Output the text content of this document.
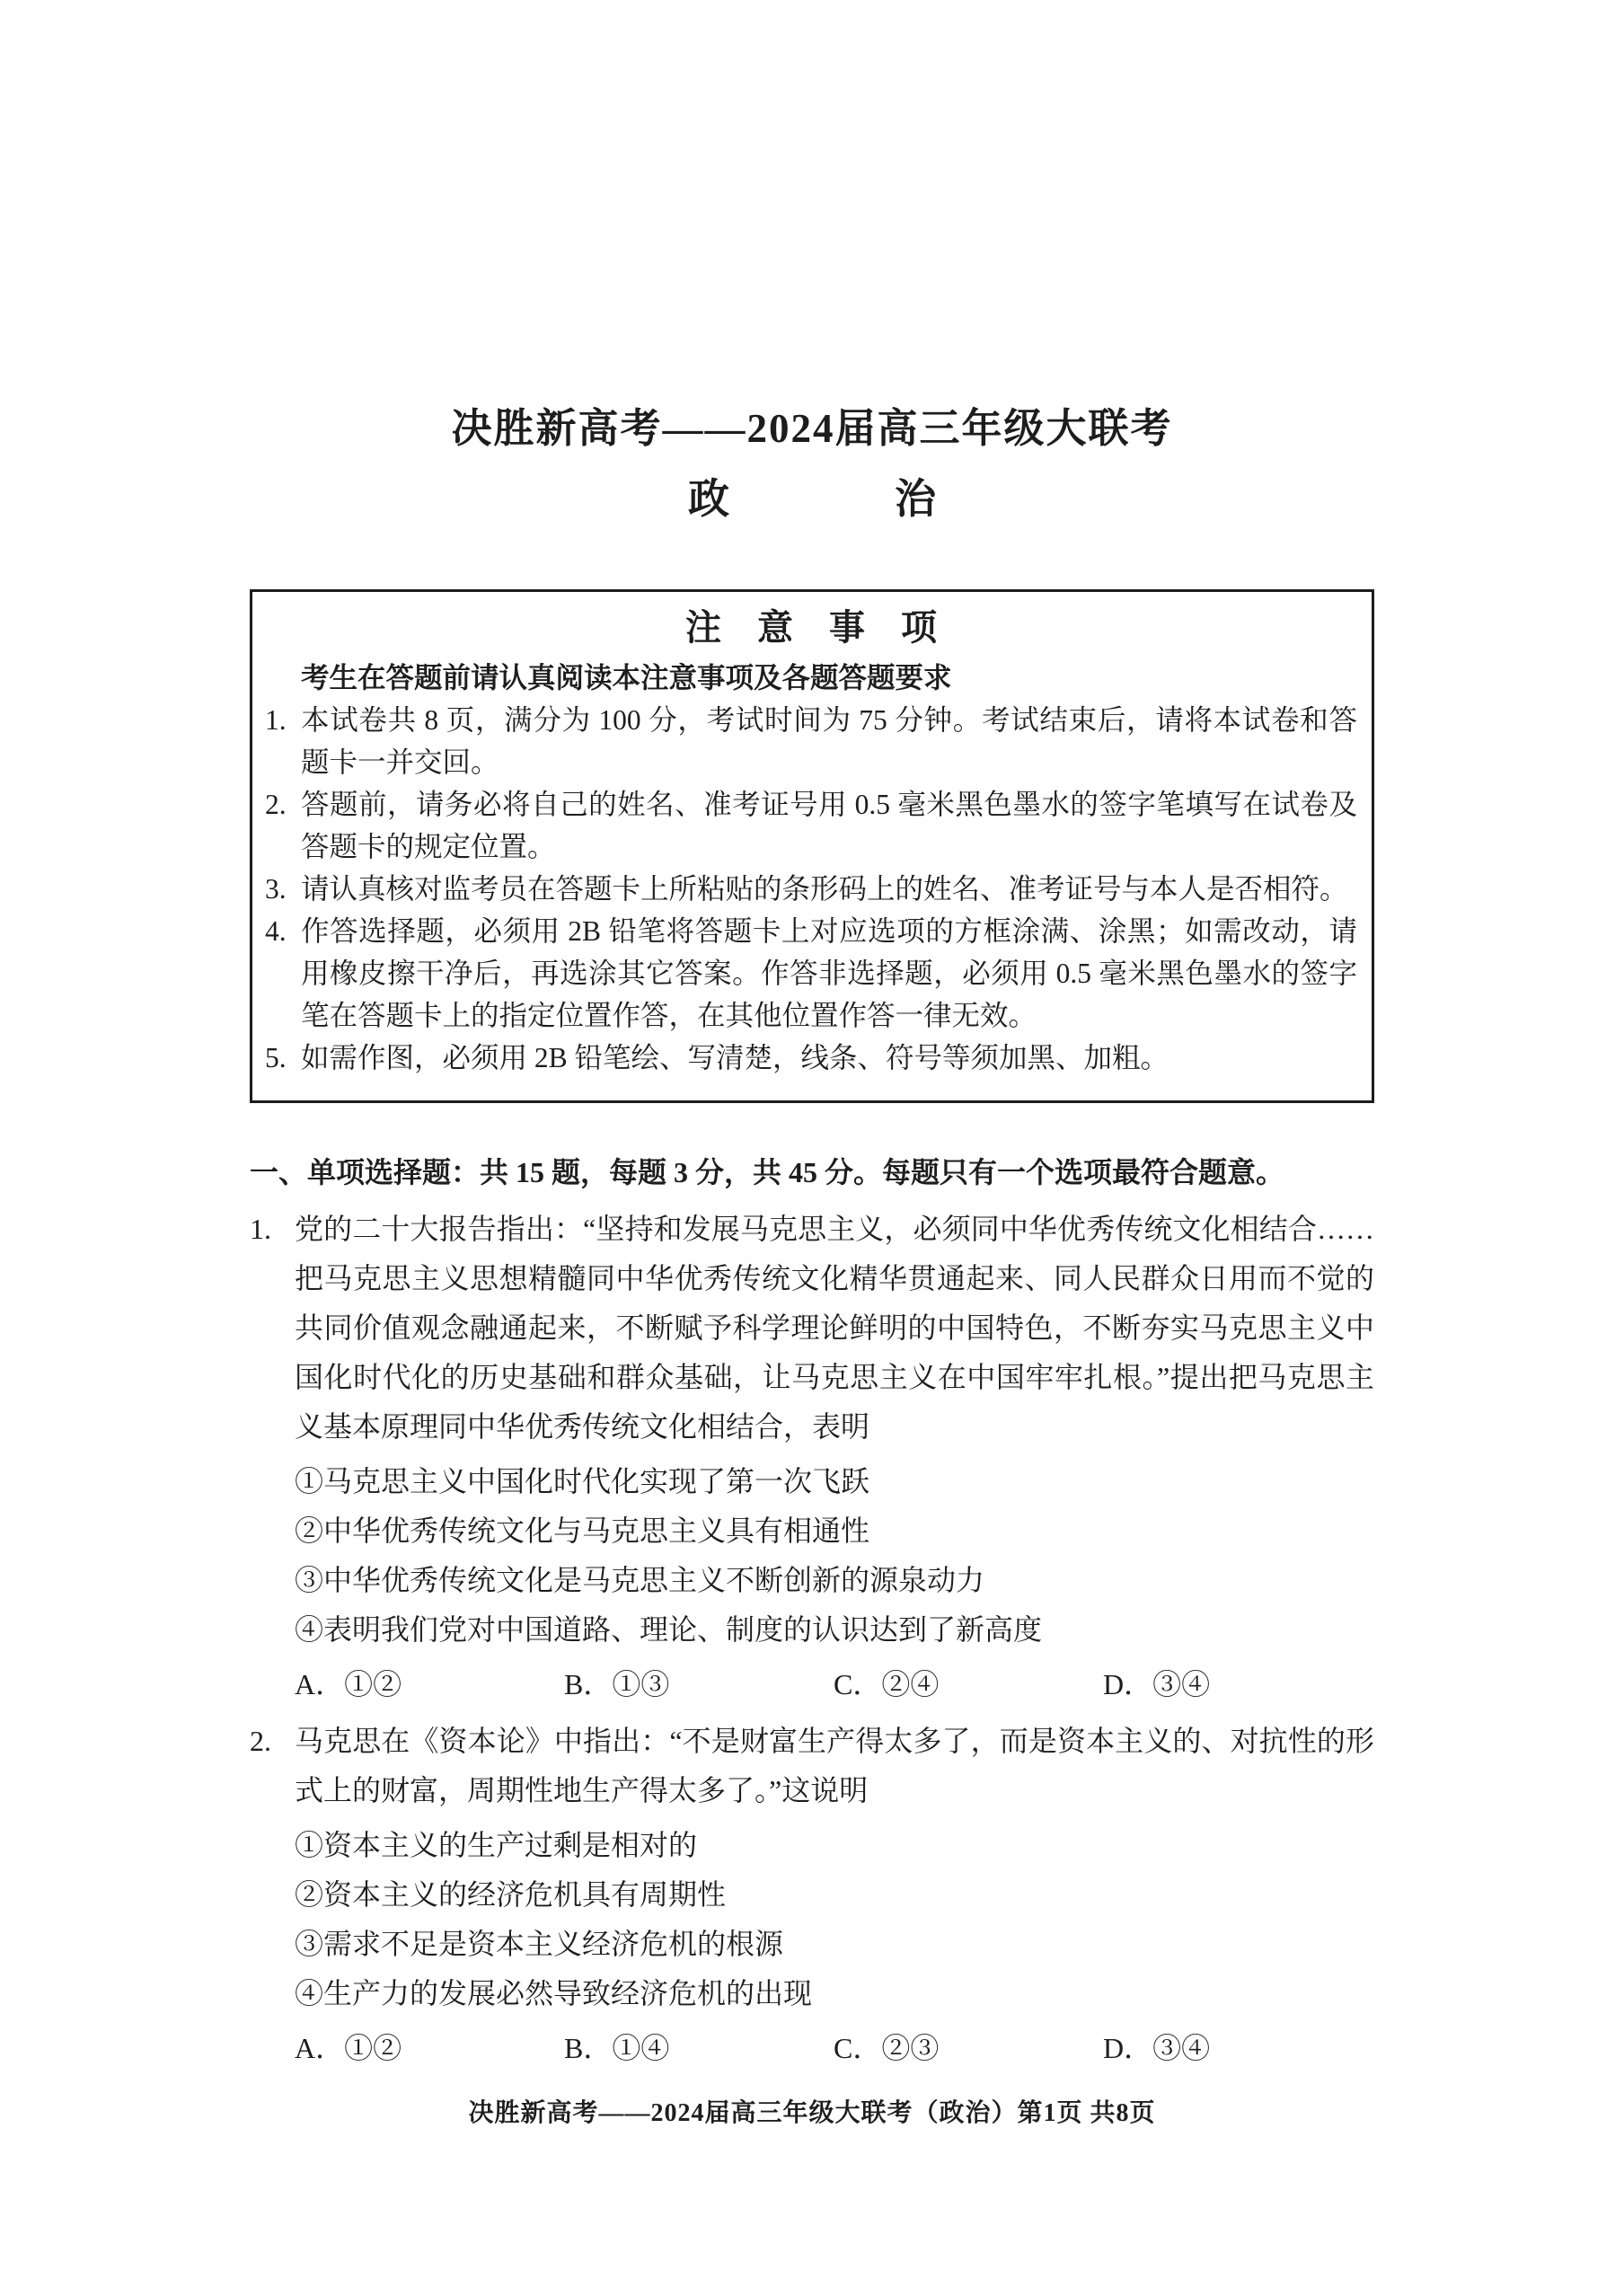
决胜新高考——2024届高三年级大联考
政　　　　治
注　意　事　项
考生在答题前请认真阅读本注意事项及各题答题要求
1. 本试卷共 8 页，满分为 100 分，考试时间为 75 分钟。考试结束后，请将本试卷和答题卡一并交回。
2. 答题前，请务必将自己的姓名、准考证号用 0.5 毫米黑色墨水的签字笔填写在试卷及答题卡的规定位置。
3. 请认真核对监考员在答题卡上所粘贴的条形码上的姓名、准考证号与本人是否相符。
4. 作答选择题，必须用 2B 铅笔将答题卡上对应选项的方框涂满、涂黑；如需改动，请用橡皮擦干净后，再选涂其它答案。作答非选择题，必须用 0.5 毫米黑色墨水的签字笔在答题卡上的指定位置作答，在其他位置作答一律无效。
5. 如需作图，必须用 2B 铅笔绘、写清楚，线条、符号等须加黑、加粗。
一、单项选择题：共 15 题，每题 3 分，共 45 分。每题只有一个选项最符合题意。
1. 党的二十大报告指出：“坚持和发展马克思主义，必须同中华优秀传统文化相结合……把马克思主义思想精髓同中华优秀传统文化精华贯通起来、同人民群众日用而不觉的共同价值观念融通起来，不断赋予科学理论鲜明的中国特色，不断夯实马克思主义中国化时代化的历史基础和群众基础，让马克思主义在中国牢牢扎根。”提出把马克思主义基本原理同中华优秀传统文化相结合，表明
①马克思主义中国化时代化实现了第一次飞跃
②中华优秀传统文化与马克思主义具有相通性
③中华优秀传统文化是马克思主义不断创新的源泉动力
④表明我们党对中国道路、理论、制度的认识达到了新高度
A．①②	B．①③	C．②④	D．③④
2. 马克思在《资本论》中指出：“不是财富生产得太多了，而是资本主义的、对抗性的形式上的财富，周期性地生产得太多了。”这说明
①资本主义的生产过剩是相对的
②资本主义的经济危机具有周期性
③需求不足是资本主义经济危机的根源
④生产力的发展必然导致经济危机的出现
A．①②	B．①④	C．②③	D．③④
决胜新高考——2024届高三年级大联考（政治）第1页 共8页
